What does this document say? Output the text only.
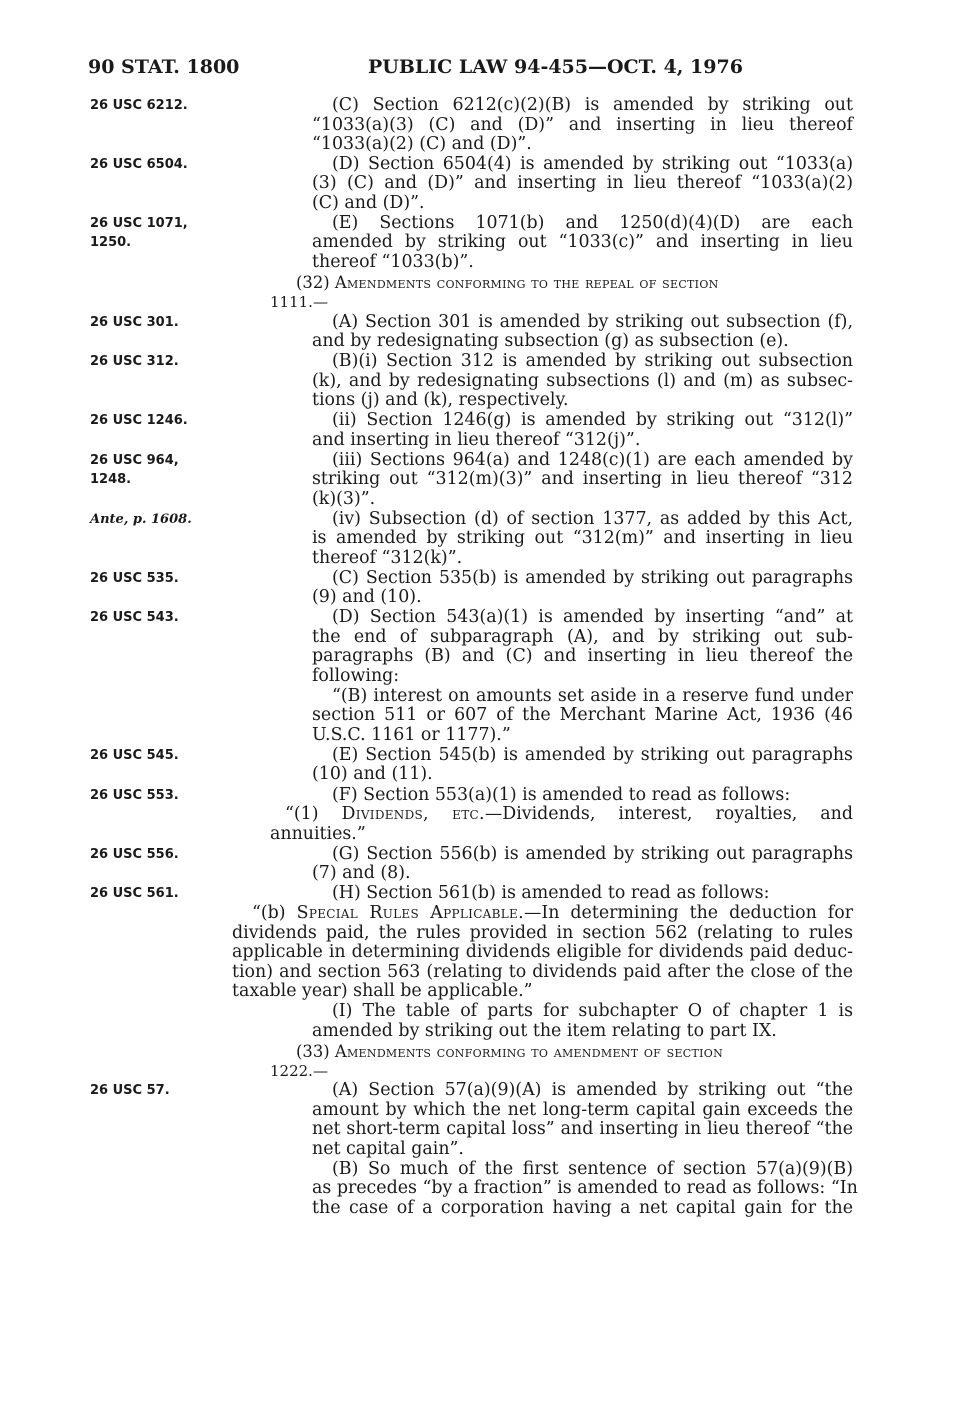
90 STAT. 1800	PUBLIC LAW 94-455—OCT. 4, 1976
26 USC 6212.
26 USC 6504.
26 USC 1071,
1250.
26 USC 301.
26 USC 312.
26 USC 1246.
26 USC 964,
1248.
Ante, p. 1608.
26 USC 535.
26 USC 543.
26 USC 545.
26 USC 553.
26 USC 556.
26 USC 561.
26 USC 57.
(C) Section 6212(c)(2)(B) is amended by striking out
“1033(a)(3) (C) and (D)” and inserting in lieu thereof
“1033(a)(2) (C) and (D)”.
(D) Section 6504(4) is amended by striking out “1033(a)
(3) (C) and (D)” and inserting in lieu thereof “1033(a)(2)
(C) and (D)”.
(E) Sections 1071(b) and 1250(d)(4)(D) are each
amended by striking out “1033(c)” and inserting in lieu
thereof “1033(b)”.
(32) Amendments conforming to the repeal of section
1111.—
(A) Section 301 is amended by striking out subsection (f),
and by redesignating subsection (g) as subsection (e).
(B)(i) Section 312 is amended by striking out subsection
(k), and by redesignating subsections (l) and (m) as subsec-
tions (j) and (k), respectively.
(ii) Section 1246(g) is amended by striking out “312(l)”
and inserting in lieu thereof “312(j)”.
(iii) Sections 964(a) and 1248(c)(1) are each amended by
striking out “312(m)(3)” and inserting in lieu thereof “312
(k)(3)”.
(iv) Subsection (d) of section 1377, as added by this Act,
is amended by striking out “312(m)” and inserting in lieu
thereof “312(k)”.
(C) Section 535(b) is amended by striking out paragraphs
(9) and (10).
(D) Section 543(a)(1) is amended by inserting “and” at
the end of subparagraph (A), and by striking out sub-
paragraphs (B) and (C) and inserting in lieu thereof the
following:
“(B) interest on amounts set aside in a reserve fund under
section 511 or 607 of the Merchant Marine Act, 1936 (46
U.S.C. 1161 or 1177).”
(E) Section 545(b) is amended by striking out paragraphs
(10) and (11).
(F) Section 553(a)(1) is amended to read as follows:
“(1) Dividends, etc.—Dividends, interest, royalties, and
annuities.”
(G) Section 556(b) is amended by striking out paragraphs
(7) and (8).
(H) Section 561(b) is amended to read as follows:
“(b) Special Rules Applicable.—In determining the deduction for
dividends paid, the rules provided in section 562 (relating to rules
applicable in determining dividends eligible for dividends paid deduc-
tion) and section 563 (relating to dividends paid after the close of the
taxable year) shall be applicable.”
(I) The table of parts for subchapter O of chapter 1 is
amended by striking out the item relating to part IX.
(33) Amendments conforming to amendment of section
1222.—
(A) Section 57(a)(9)(A) is amended by striking out “the
amount by which the net long-term capital gain exceeds the
net short-term capital loss” and inserting in lieu thereof “the
net capital gain”.
(B) So much of the first sentence of section 57(a)(9)(B)
as precedes “by a fraction” is amended to read as follows: “In
the case of a corporation having a net capital gain for the
